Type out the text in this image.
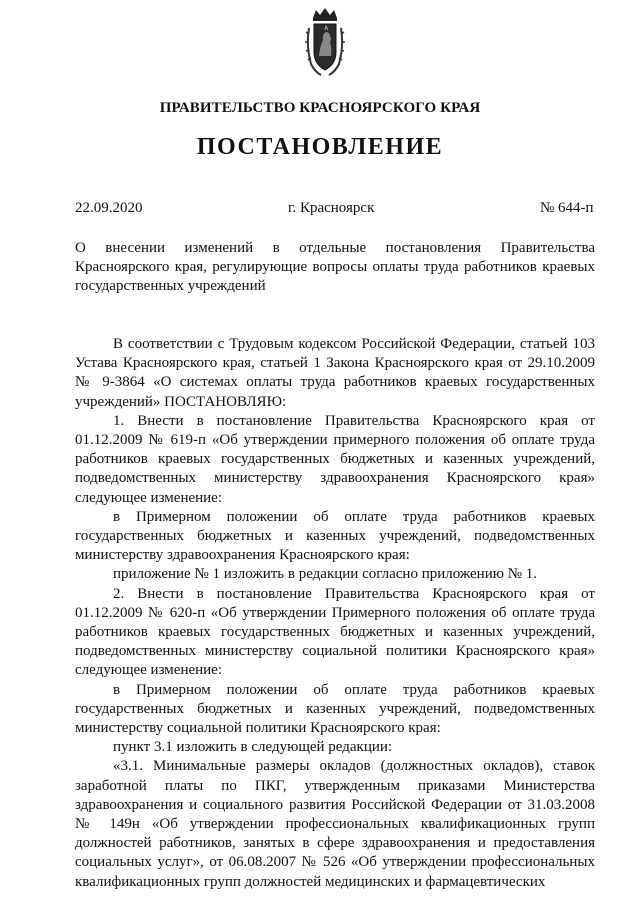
ПРАВИТЕЛЬСТВО КРАСНОЯРСКОГО КРАЯ
ПОСТАНОВЛЕНИЕ
22.09.2020	г. Красноярск	№ 644-п
О внесении изменений в отдельные постановления Правительства Красноярского края, регулирующие вопросы оплаты труда работников краевых государственных учреждений

В соответствии с Трудовым кодексом Российской Федерации, статьей 103 Устава Красноярского края, статьей 1 Закона Красноярского края от 29.10.2009 № 9-3864 «О системах оплаты труда работников краевых государственных учреждений» ПОСТАНОВЛЯЮ:

1. Внести в постановление Правительства Красноярского края от 01.12.2009 № 619-п «Об утверждении примерного положения об оплате труда работников краевых государственных бюджетных и казенных учреждений, подведомственных министерству здравоохранения Красноярского края» следующее изменение:

в Примерном положении об оплате труда работников краевых государственных бюджетных и казенных учреждений, подведомственных министерству здравоохранения Красноярского края:

приложение № 1 изложить в редакции согласно приложению № 1.

2. Внести в постановление Правительства Красноярского края от 01.12.2009 № 620-п «Об утверждении Примерного положения об оплате труда работников краевых государственных бюджетных и казенных учреждений, подведомственных министерству социальной политики Красноярского края» следующее изменение:

в Примерном положении об оплате труда работников краевых государственных бюджетных и казенных учреждений, подведомственных министерству социальной политики Красноярского края:

пункт 3.1 изложить в следующей редакции:

«3.1. Минимальные размеры окладов (должностных окладов), ставок заработной платы по ПКГ, утвержденным приказами Министерства здравоохранения и социального развития Российской Федерации от 31.03.2008 № 149н «Об утверждении профессиональных квалификационных групп должностей работников, занятых в сфере здравоохранения и предоставления социальных услуг», от 06.08.2007 № 526 «Об утверждении профессиональных квалификационных групп должностей медицинских и фармацевтических
